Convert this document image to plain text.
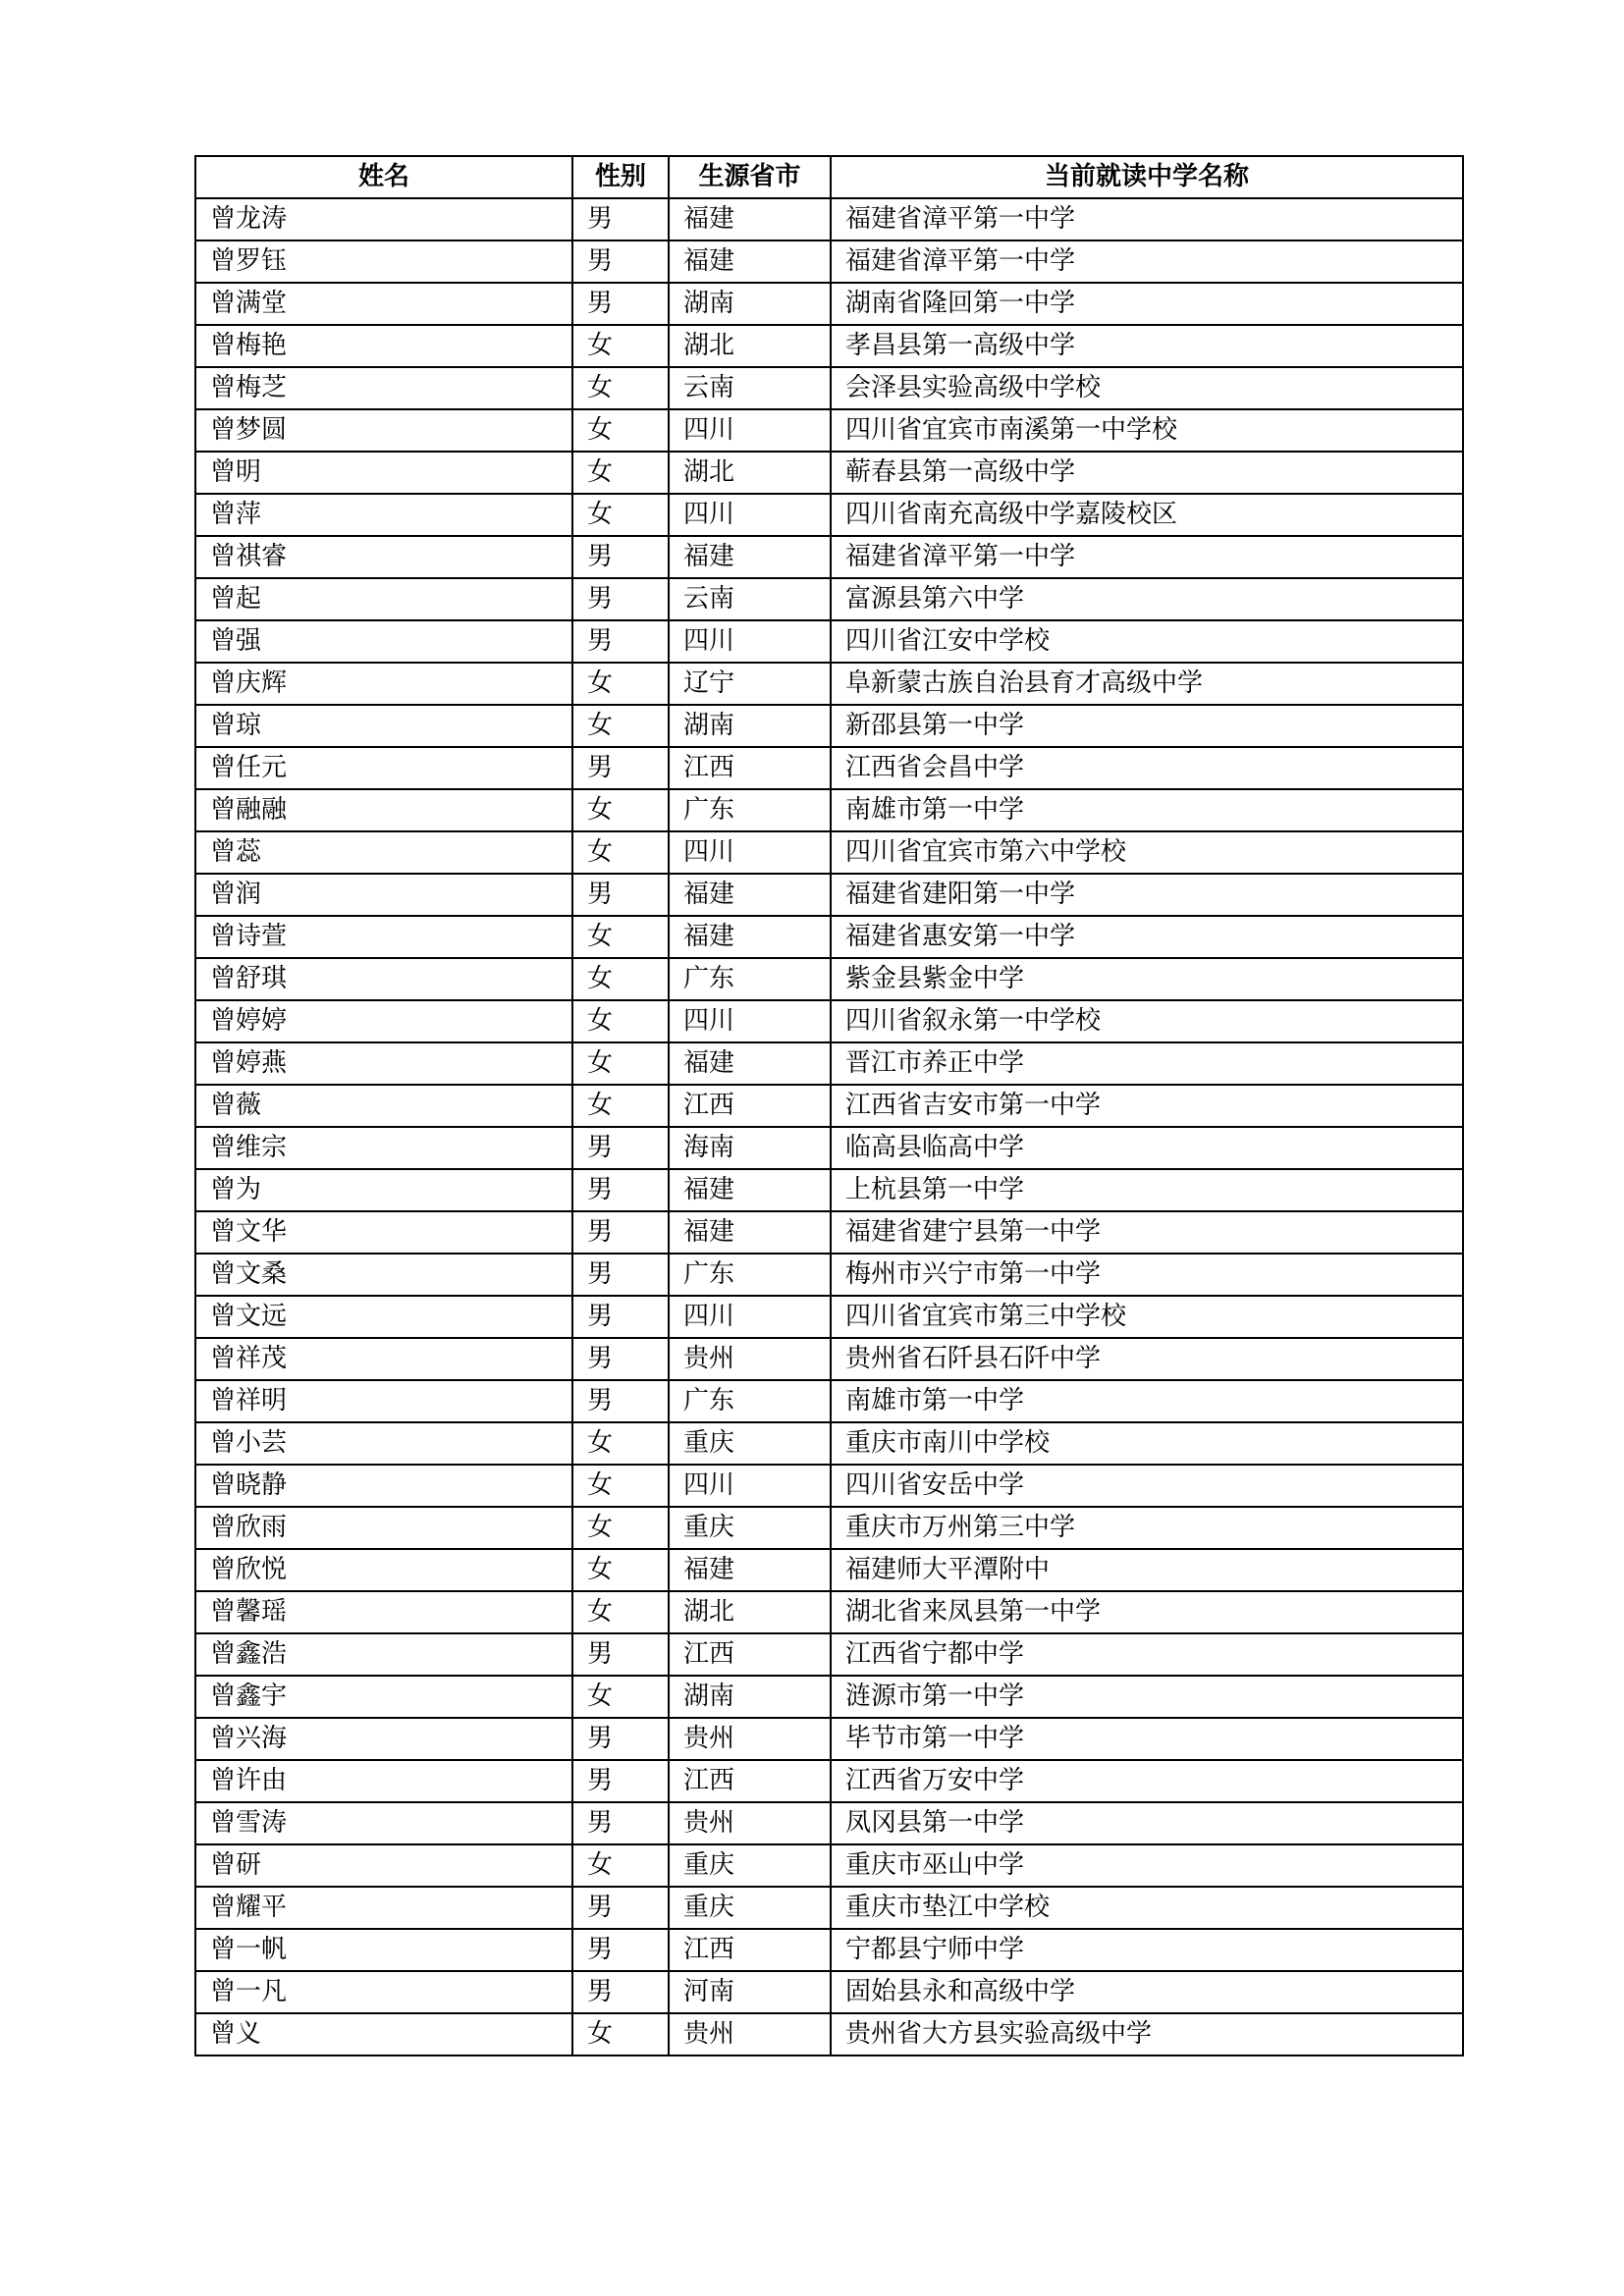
姓名	性别	生源省市	当前就读中学名称
曾龙涛	男	福建	福建省漳平第一中学
曾罗钰	男	福建	福建省漳平第一中学
曾满堂	男	湖南	湖南省隆回第一中学
曾梅艳	女	湖北	孝昌县第一高级中学
曾梅芝	女	云南	会泽县实验高级中学校
曾梦圆	女	四川	四川省宜宾市南溪第一中学校
曾明	女	湖北	蕲春县第一高级中学
曾萍	女	四川	四川省南充高级中学嘉陵校区
曾祺睿	男	福建	福建省漳平第一中学
曾起	男	云南	富源县第六中学
曾强	男	四川	四川省江安中学校
曾庆辉	女	辽宁	阜新蒙古族自治县育才高级中学
曾琼	女	湖南	新邵县第一中学
曾任元	男	江西	江西省会昌中学
曾融融	女	广东	南雄市第一中学
曾蕊	女	四川	四川省宜宾市第六中学校
曾润	男	福建	福建省建阳第一中学
曾诗萱	女	福建	福建省惠安第一中学
曾舒琪	女	广东	紫金县紫金中学
曾婷婷	女	四川	四川省叙永第一中学校
曾婷燕	女	福建	晋江市养正中学
曾薇	女	江西	江西省吉安市第一中学
曾维宗	男	海南	临高县临高中学
曾为	男	福建	上杭县第一中学
曾文华	男	福建	福建省建宁县第一中学
曾文桑	男	广东	梅州市兴宁市第一中学
曾文远	男	四川	四川省宜宾市第三中学校
曾祥茂	男	贵州	贵州省石阡县石阡中学
曾祥明	男	广东	南雄市第一中学
曾小芸	女	重庆	重庆市南川中学校
曾晓静	女	四川	四川省安岳中学
曾欣雨	女	重庆	重庆市万州第三中学
曾欣悦	女	福建	福建师大平潭附中
曾馨瑶	女	湖北	湖北省来凤县第一中学
曾鑫浩	男	江西	江西省宁都中学
曾鑫宇	女	湖南	涟源市第一中学
曾兴海	男	贵州	毕节市第一中学
曾许由	男	江西	江西省万安中学
曾雪涛	男	贵州	凤冈县第一中学
曾研	女	重庆	重庆市巫山中学
曾耀平	男	重庆	重庆市垫江中学校
曾一帆	男	江西	宁都县宁师中学
曾一凡	男	河南	固始县永和高级中学
曾义	女	贵州	贵州省大方县实验高级中学
